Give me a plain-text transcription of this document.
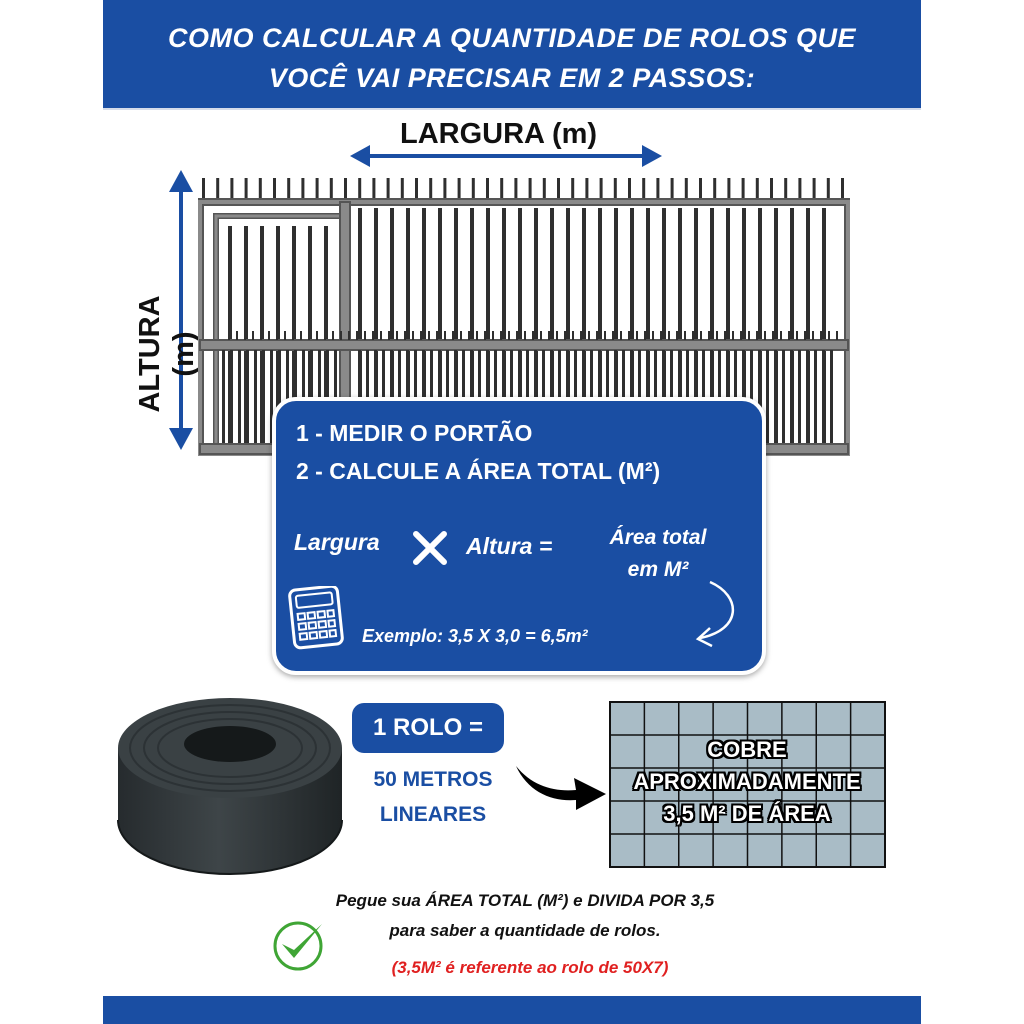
COMO CALCULAR A QUANTIDADE DE ROLOS QUE
VOCÊ VAI PRECISAR EM 2 PASSOS:
LARGURA (m)
ALTURA (m)
1 - MEDIR O PORTÃO
2 - CALCULE A ÁREA TOTAL (M²)
Largura	Altura =	Área total
em M²
Exemplo: 3,5 X 3,0 = 6,5m²
1 ROLO =
50 METROS
LINEARES
COBRE
APROXIMADAMENTE
3,5 M² DE ÁREA
Pegue sua ÁREA TOTAL (M²) e DIVIDA POR 3,5
para saber a quantidade de rolos.
(3,5M² é referente ao rolo de 50X7)
